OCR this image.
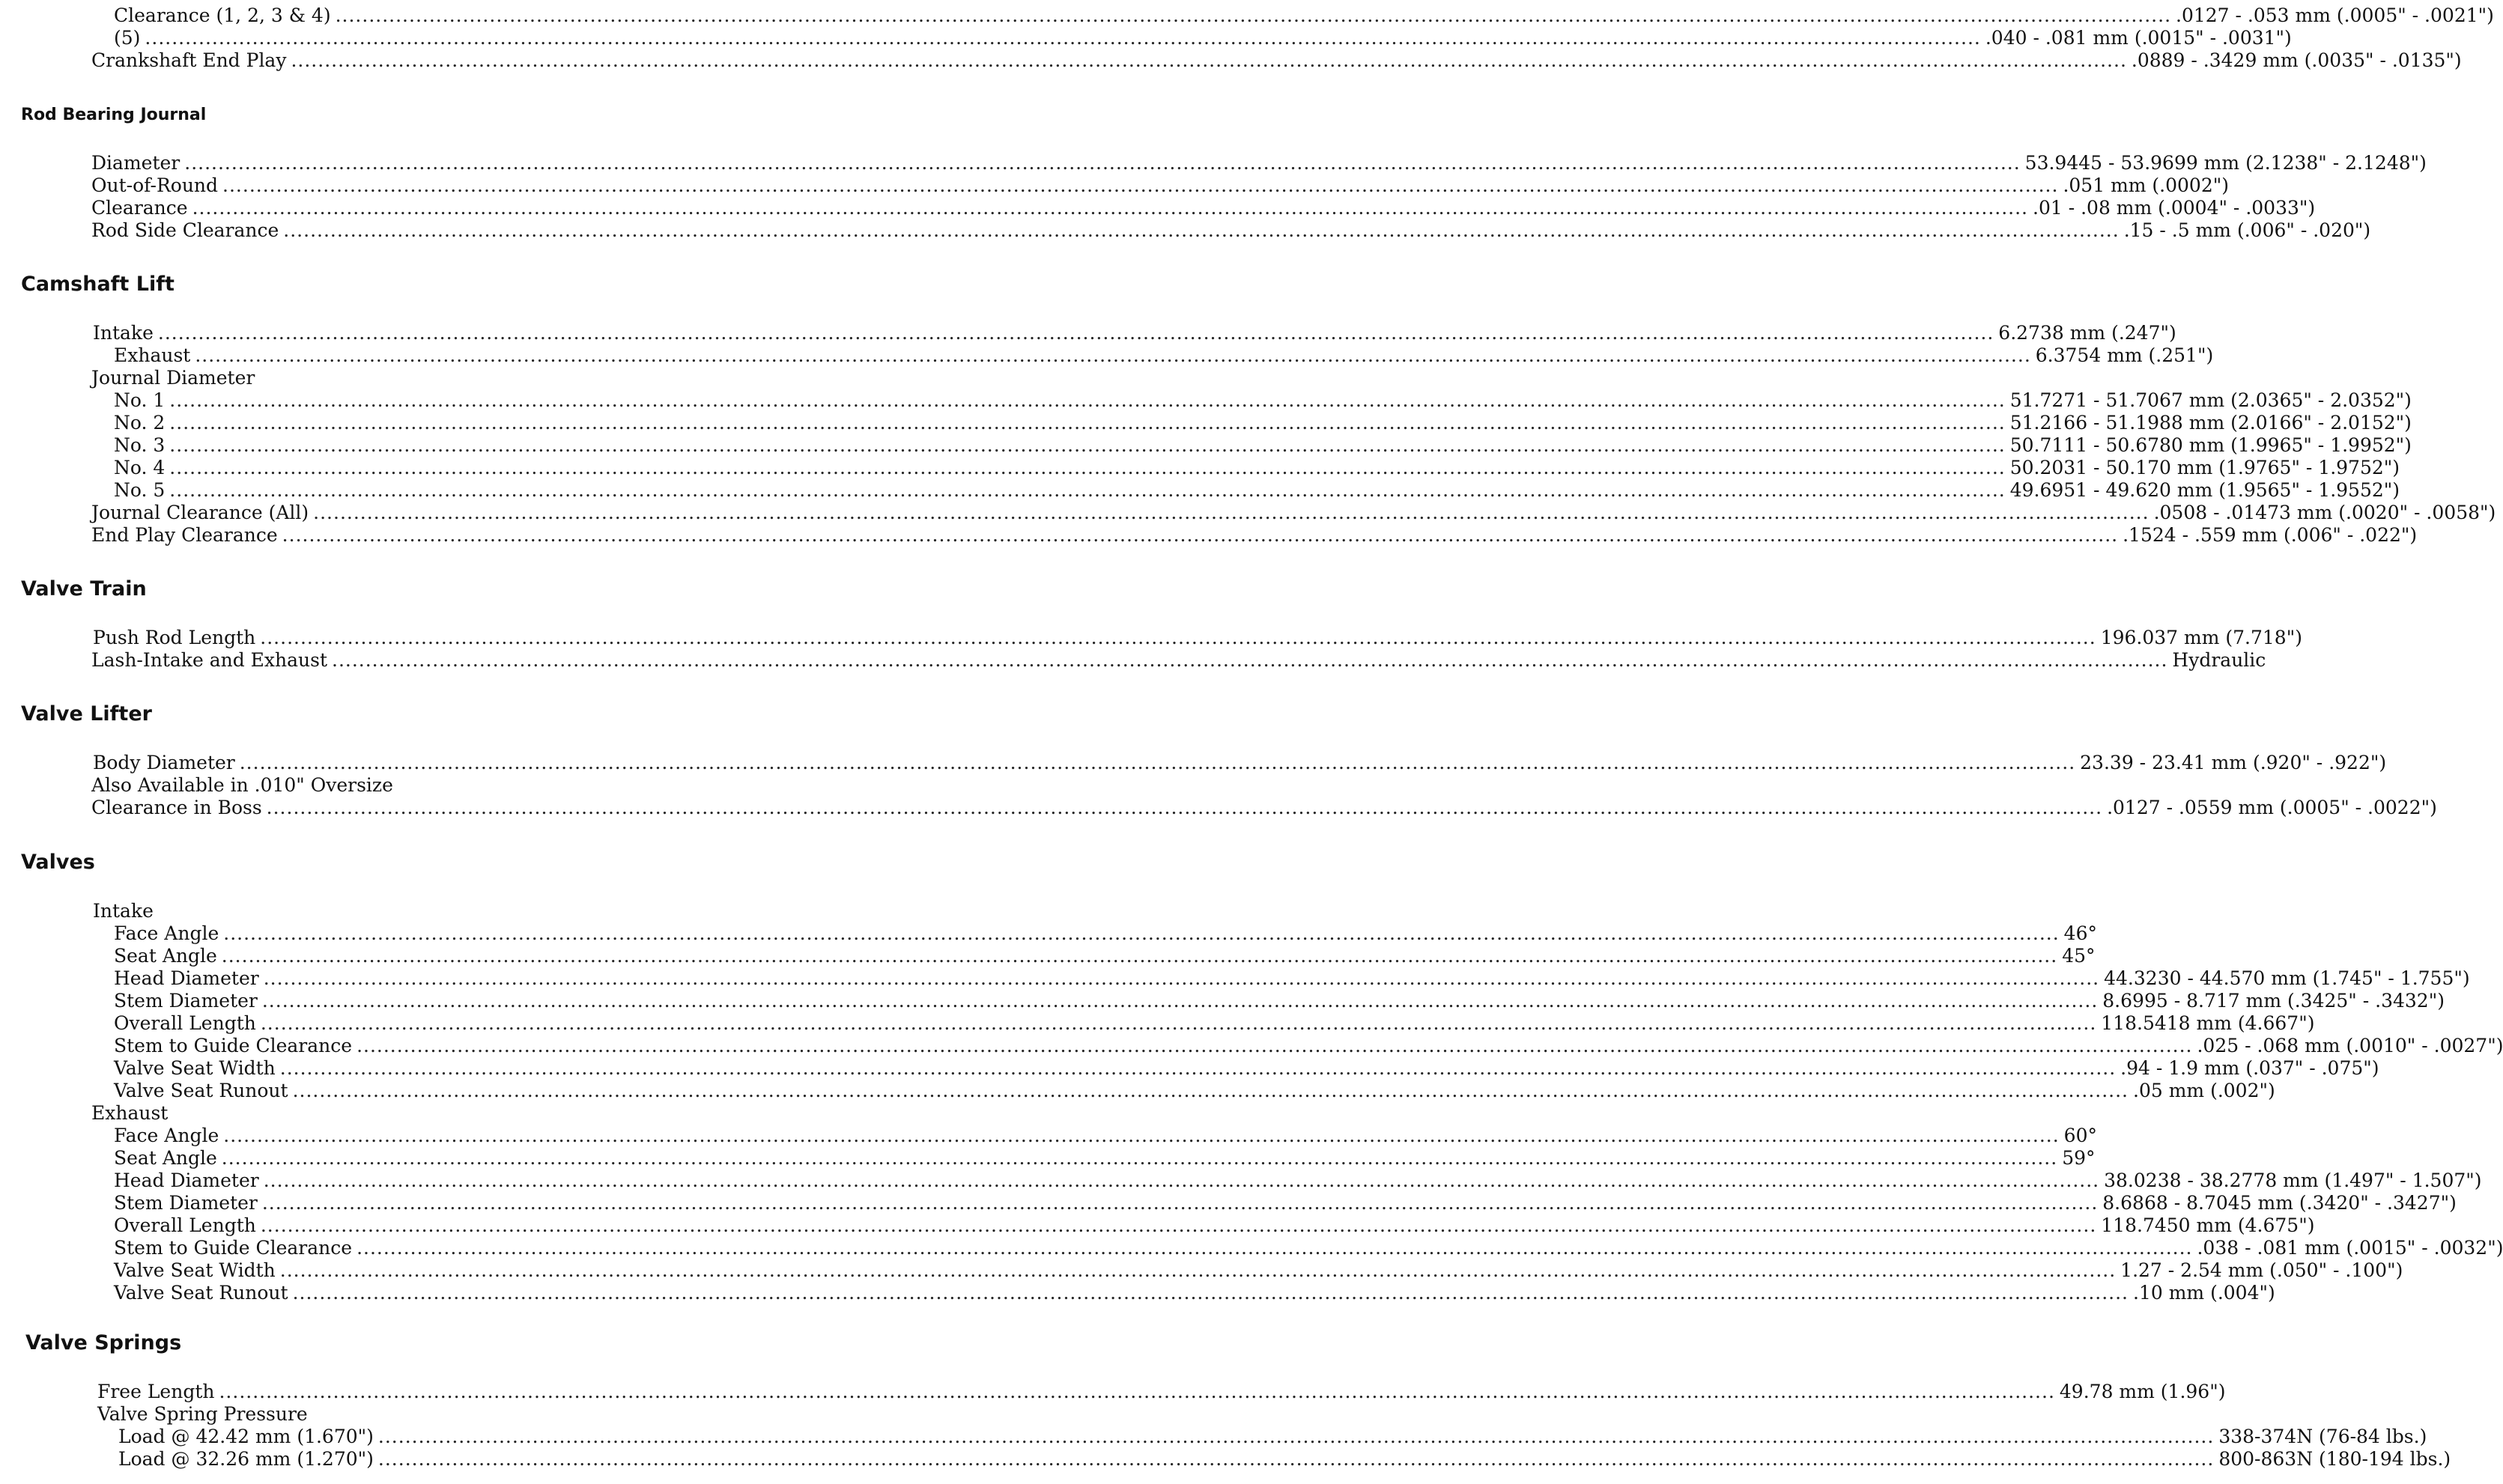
Clearance (1, 2, 3 & 4) .....	.0127 - .053 mm (.0005" - .0021")
(5) .....	.040 - .081 mm (.0015" - .0031")
Crankshaft End Play .....	.0889 - .3429 mm (.0035" - .0135")
Rod Bearing Journal
Diameter .....	53.9445 - 53.9699 mm (2.1238" - 2.1248")
Out-of-Round .....	.051 mm (.0002")
Clearance .....	.01 - .08 mm (.0004" - .0033")
Rod Side Clearance .....	.15 - .5 mm (.006" - .020")
Camshaft Lift
Intake .....	6.2738 mm (.247")
Exhaust .....	6.3754 mm (.251")
Journal Diameter
No. 1 .....	51.7271 - 51.7067 mm (2.0365" - 2.0352")
No. 2 .....	51.2166 - 51.1988 mm (2.0166" - 2.0152")
No. 3 .....	50.7111 - 50.6780 mm (1.9965" - 1.9952")
No. 4 .....	50.2031 - 50.170 mm (1.9765" - 1.9752")
No. 5 .....	49.6951 - 49.620 mm (1.9565" - 1.9552")
Journal Clearance (All) .....	.0508 - .01473 mm (.0020" - .0058")
End Play Clearance .....	.1524 - .559 mm (.006" - .022")
Valve Train
Push Rod Length .....	196.037 mm (7.718")
Lash-Intake and Exhaust .....	Hydraulic
Valve Lifter
Body Diameter .....	23.39 - 23.41 mm (.920" - .922")
Also Available in .010" Oversize
Clearance in Boss .....	.0127 - .0559 mm (.0005" - .0022")
Valves
Intake
Face Angle .....	46°
Seat Angle .....	45°
Head Diameter .....	44.3230 - 44.570 mm (1.745" - 1.755")
Stem Diameter .....	8.6995 - 8.717 mm (.3425" - .3432")
Overall Length .....	118.5418 mm (4.667")
Stem to Guide Clearance .....	.025 - .068 mm (.0010" - .0027")
Valve Seat Width .....	.94 - 1.9 mm (.037" - .075")
Valve Seat Runout .....	.05 mm (.002")
Exhaust
Face Angle .....	60°
Seat Angle .....	59°
Head Diameter .....	38.0238 - 38.2778 mm (1.497" - 1.507")
Stem Diameter .....	8.6868 - 8.7045 mm (.3420" - .3427")
Overall Length .....	118.7450 mm (4.675")
Stem to Guide Clearance .....	.038 - .081 mm (.0015" - .0032")
Valve Seat Width .....	1.27 - 2.54 mm (.050" - .100")
Valve Seat Runout .....	.10 mm (.004")
Valve Springs
Free Length .....	49.78 mm (1.96")
Valve Spring Pressure
Load @ 42.42 mm (1.670") .....	338-374N (76-84 lbs.)
Load @ 32.26 mm (1.270") .....	800-863N (180-194 lbs.)
